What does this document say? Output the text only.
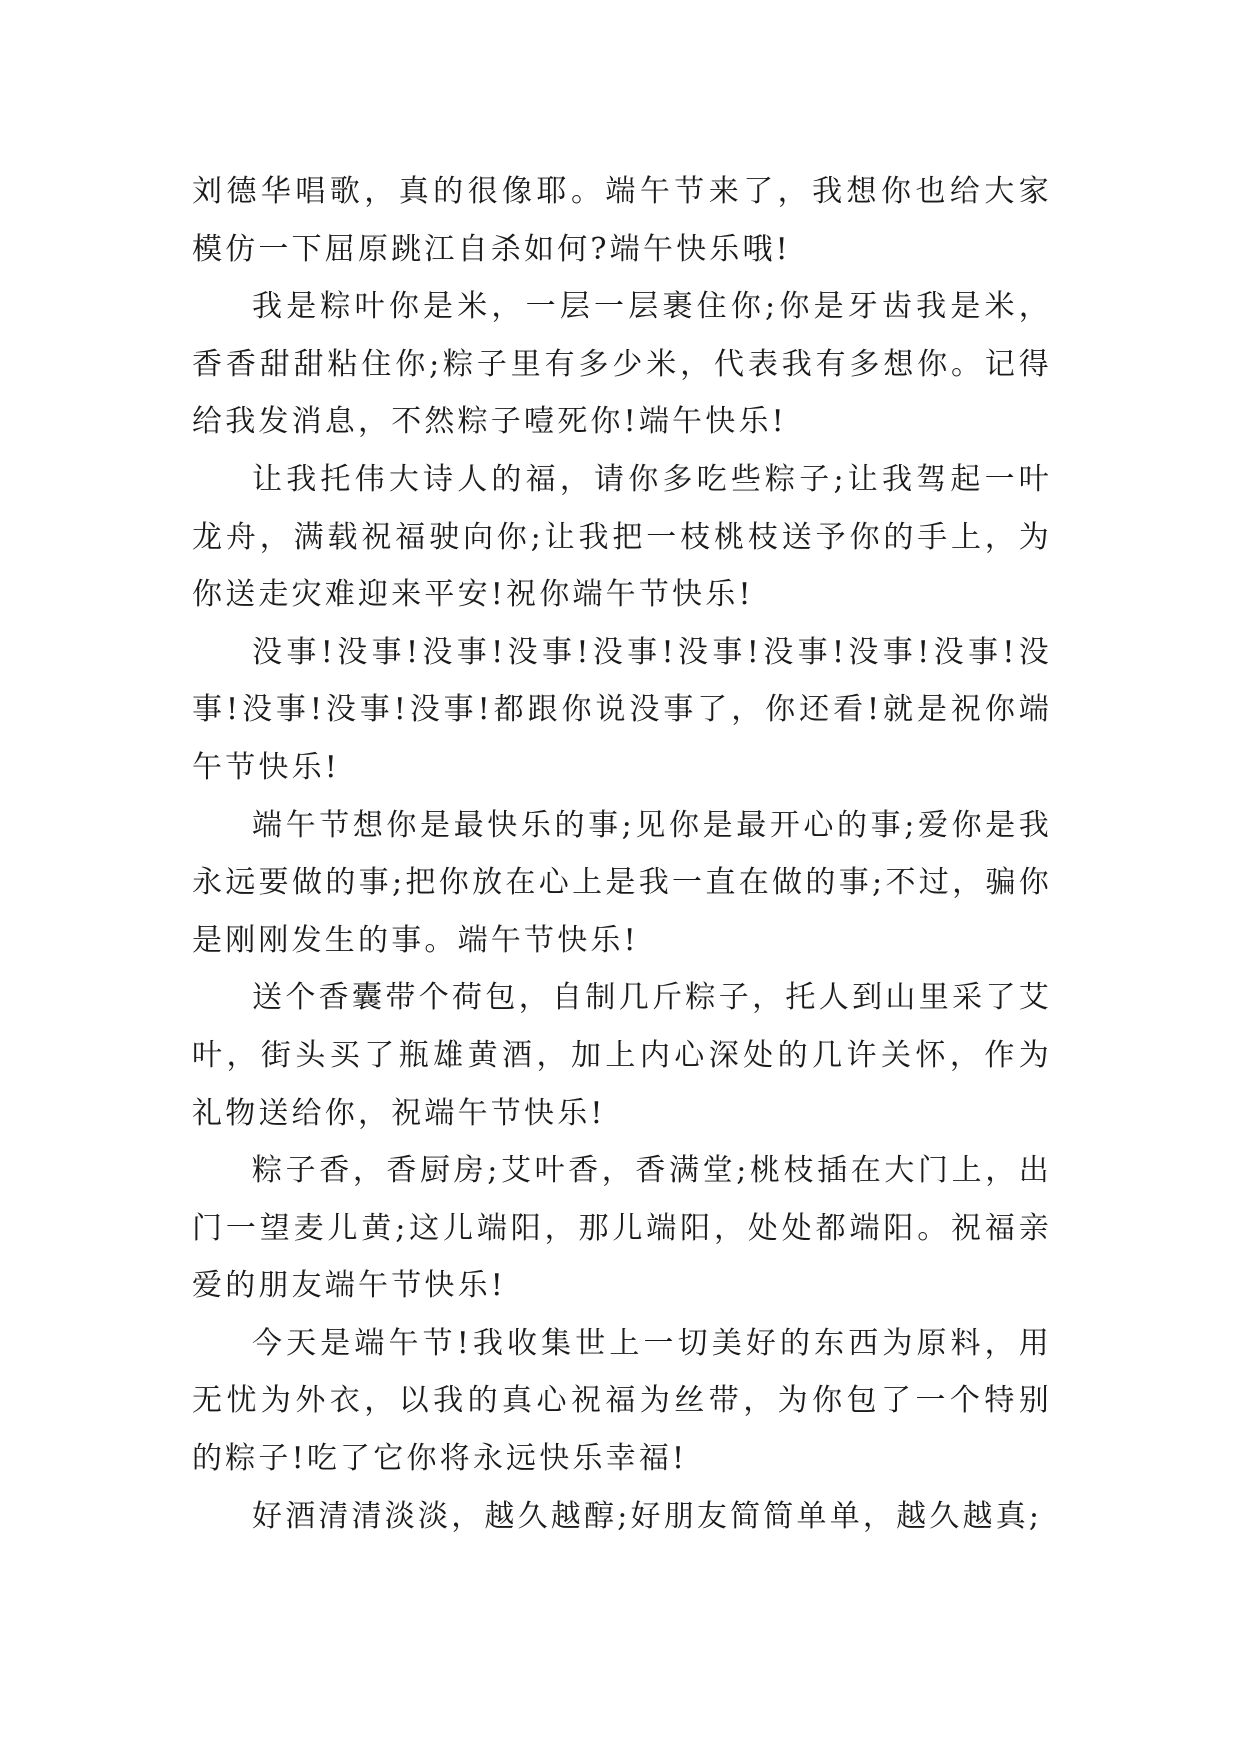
刘德华唱歌，真的很像耶。端午节来了，我想你也给大家模仿一下屈原跳江自杀如何?端午快乐哦!

我是粽叶你是米，一层一层裹住你;你是牙齿我是米，香香甜甜粘住你;粽子里有多少米，代表我有多想你。记得给我发消息，不然粽子噎死你!端午快乐!

让我托伟大诗人的福，请你多吃些粽子;让我驾起一叶龙舟，满载祝福驶向你;让我把一枝桃枝送予你的手上，为你送走灾难迎来平安!祝你端午节快乐!

没事!没事!没事!没事!没事!没事!没事!没事!没事!没事!没事!没事!没事!都跟你说没事了，你还看!就是祝你端午节快乐!

端午节想你是最快乐的事;见你是最开心的事;爱你是我永远要做的事;把你放在心上是我一直在做的事;不过，骗你是刚刚发生的事。端午节快乐!

送个香囊带个荷包，自制几斤粽子，托人到山里采了艾叶，街头买了瓶雄黄酒，加上内心深处的几许关怀，作为礼物送给你，祝端午节快乐!

粽子香，香厨房;艾叶香，香满堂;桃枝插在大门上，出门一望麦儿黄;这儿端阳，那儿端阳，处处都端阳。祝福亲爱的朋友端午节快乐!

今天是端午节!我收集世上一切美好的东西为原料，用无忧为外衣，以我的真心祝福为丝带，为你包了一个特别的粽子!吃了它你将永远快乐幸福!

好酒清清淡淡，越久越醇;好朋友简简单单，越久越真;
